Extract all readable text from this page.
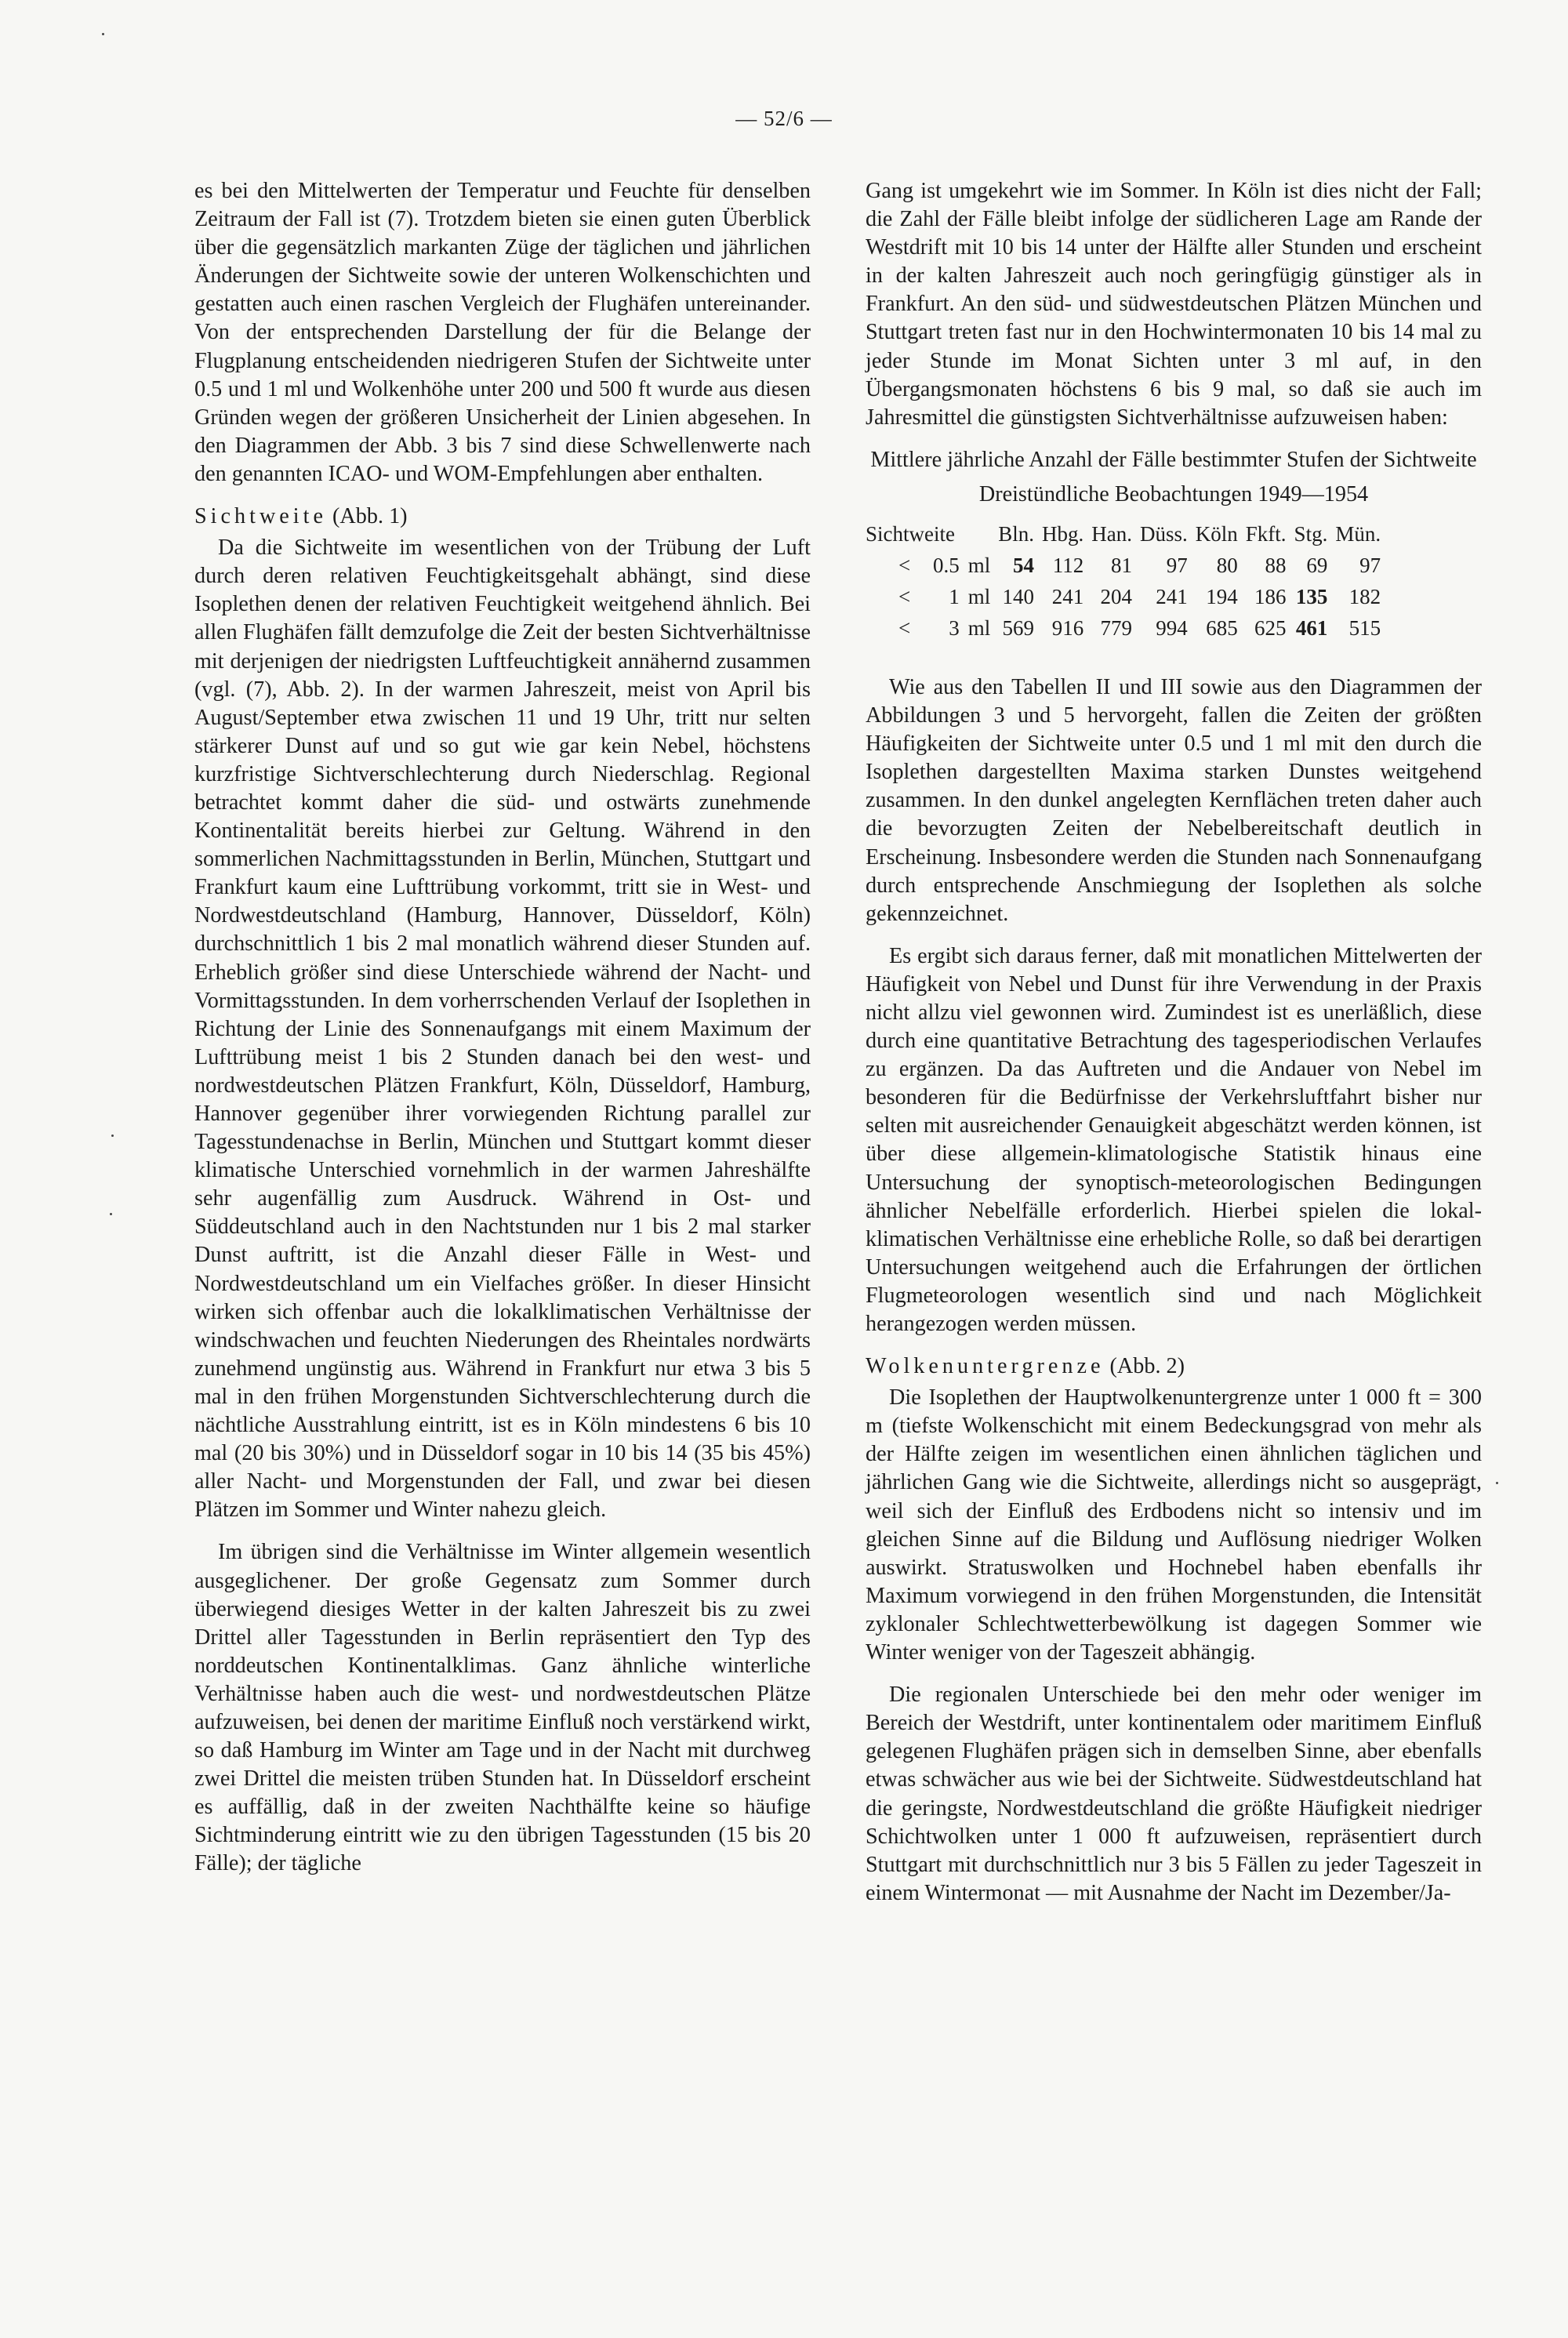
— 52/6 —

es bei den Mittelwerten der Temperatur und Feuchte für denselben Zeitraum der Fall ist (7). Trotzdem bieten sie einen guten Überblick über die gegensätzlich markanten Züge der täglichen und jährlichen Änderungen der Sichtweite sowie der unteren Wolkenschichten und gestatten auch einen raschen Vergleich der Flughäfen untereinander. Von der entsprechenden Darstellung der für die Belange der Flugplanung entscheidenden niedrigeren Stufen der Sichtweite unter 0.5 und 1 ml und Wolkenhöhe unter 200 und 500 ft wurde aus diesen Gründen wegen der größeren Unsicherheit der Linien abgesehen. In den Diagrammen der Abb. 3 bis 7 sind diese Schwellenwerte nach den genannten ICAO- und WOM-Empfehlungen aber enthalten.

Sichtweite (Abb. 1)

Da die Sichtweite im wesentlichen von der Trübung der Luft durch deren relativen Feuchtigkeitsgehalt abhängt, sind diese Isoplethen denen der relativen Feuchtigkeit weitgehend ähnlich. Bei allen Flughäfen fällt demzufolge die Zeit der besten Sichtverhältnisse mit derjenigen der niedrigsten Luftfeuchtigkeit annähernd zusammen (vgl. (7), Abb. 2). In der warmen Jahreszeit, meist von April bis August/September etwa zwischen 11 und 19 Uhr, tritt nur selten stärkerer Dunst auf und so gut wie gar kein Nebel, höchstens kurzfristige Sichtverschlechterung durch Niederschlag. Regional betrachtet kommt daher die süd- und ostwärts zunehmende Kontinentalität bereits hierbei zur Geltung. Während in den sommerlichen Nachmittagsstunden in Berlin, München, Stuttgart und Frankfurt kaum eine Lufttrübung vorkommt, tritt sie in West- und Nordwestdeutschland (Hamburg, Hannover, Düsseldorf, Köln) durchschnittlich 1 bis 2 mal monatlich während dieser Stunden auf. Erheblich größer sind diese Unterschiede während der Nacht- und Vormittagsstunden. In dem vorherrschenden Verlauf der Isoplethen in Richtung der Linie des Sonnenaufgangs mit einem Maximum der Lufttrübung meist 1 bis 2 Stunden danach bei den west- und nordwestdeutschen Plätzen Frankfurt, Köln, Düsseldorf, Hamburg, Hannover gegenüber ihrer vorwiegenden Richtung parallel zur Tagesstundenachse in Berlin, München und Stuttgart kommt dieser klimatische Unterschied vornehmlich in der warmen Jahreshälfte sehr augenfällig zum Ausdruck. Während in Ost- und Süddeutschland auch in den Nachtstunden nur 1 bis 2 mal starker Dunst auftritt, ist die Anzahl dieser Fälle in West- und Nordwestdeutschland um ein Vielfaches größer. In dieser Hinsicht wirken sich offenbar auch die lokalklimatischen Verhältnisse der windschwachen und feuchten Niederungen des Rheintales nordwärts zunehmend ungünstig aus. Während in Frankfurt nur etwa 3 bis 5 mal in den frühen Morgenstunden Sichtverschlechterung durch die nächtliche Ausstrahlung eintritt, ist es in Köln mindestens 6 bis 10 mal (20 bis 30%) und in Düsseldorf sogar in 10 bis 14 (35 bis 45%) aller Nacht- und Morgenstunden der Fall, und zwar bei diesen Plätzen im Sommer und Winter nahezu gleich.

Im übrigen sind die Verhältnisse im Winter allgemein wesentlich ausgeglichener. Der große Gegensatz zum Sommer durch überwiegend diesiges Wetter in der kalten Jahreszeit bis zu zwei Drittel aller Tagesstunden in Berlin repräsentiert den Typ des norddeutschen Kontinentalklimas. Ganz ähnliche winterliche Verhältnisse haben auch die west- und nordwestdeutschen Plätze aufzuweisen, bei denen der maritime Einfluß noch verstärkend wirkt, so daß Hamburg im Winter am Tage und in der Nacht mit durchweg zwei Drittel die meisten trüben Stunden hat. In Düsseldorf erscheint es auffällig, daß in der zweiten Nachthälfte keine so häufige Sichtminderung eintritt wie zu den übrigen Tagesstunden (15 bis 20 Fälle); der tägliche

Gang ist umgekehrt wie im Sommer. In Köln ist dies nicht der Fall; die Zahl der Fälle bleibt infolge der südlicheren Lage am Rande der Westdrift mit 10 bis 14 unter der Hälfte aller Stunden und erscheint in der kalten Jahreszeit auch noch geringfügig günstiger als in Frankfurt. An den süd- und südwestdeutschen Plätzen München und Stuttgart treten fast nur in den Hochwintermonaten 10 bis 14 mal zu jeder Stunde im Monat Sichten unter 3 ml auf, in den Übergangsmonaten höchstens 6 bis 9 mal, so daß sie auch im Jahresmittel die günstigsten Sichtverhältnisse aufzuweisen haben:

Mittlere jährliche Anzahl der Fälle bestimmter Stufen der Sichtweite
Dreistündliche Beobachtungen 1949—1954
Sichtweite			Bln.	Hbg.	Han.	Düss.	Köln	Fkft.	Stg.	Mün.
<	0.5	ml	54	112	81	97	80	88	69	97
<	1	ml	140	241	204	241	194	186	135	182
<	3	ml	569	916	779	994	685	625	461	515

Wie aus den Tabellen II und III sowie aus den Diagrammen der Abbildungen 3 und 5 hervorgeht, fallen die Zeiten der größten Häufigkeiten der Sichtweite unter 0.5 und 1 ml mit den durch die Isoplethen dargestellten Maxima starken Dunstes weitgehend zusammen. In den dunkel angelegten Kernflächen treten daher auch die bevorzugten Zeiten der Nebelbereitschaft deutlich in Erscheinung. Insbesondere werden die Stunden nach Sonnenaufgang durch entsprechende Anschmiegung der Isoplethen als solche gekennzeichnet.

Es ergibt sich daraus ferner, daß mit monatlichen Mittelwerten der Häufigkeit von Nebel und Dunst für ihre Verwendung in der Praxis nicht allzu viel gewonnen wird. Zumindest ist es unerläßlich, diese durch eine quantitative Betrachtung des tagesperiodischen Verlaufes zu ergänzen. Da das Auftreten und die Andauer von Nebel im besonderen für die Bedürfnisse der Verkehrsluftfahrt bisher nur selten mit ausreichender Genauigkeit abgeschätzt werden können, ist über diese allgemein-klimatologische Statistik hinaus eine Untersuchung der synoptisch-meteorologischen Bedingungen ähnlicher Nebelfälle erforderlich. Hierbei spielen die lokal-klimatischen Verhältnisse eine erhebliche Rolle, so daß bei derartigen Untersuchungen weitgehend auch die Erfahrungen der örtlichen Flugmeteorologen wesentlich sind und nach Möglichkeit herangezogen werden müssen.

Wolkenuntergrenze (Abb. 2)

Die Isoplethen der Hauptwolkenuntergrenze unter 1 000 ft = 300 m (tiefste Wolkenschicht mit einem Bedeckungsgrad von mehr als der Hälfte zeigen im wesentlichen einen ähnlichen täglichen und jährlichen Gang wie die Sichtweite, allerdings nicht so ausgeprägt, weil sich der Einfluß des Erdbodens nicht so intensiv und im gleichen Sinne auf die Bildung und Auflösung niedriger Wolken auswirkt. Stratuswolken und Hochnebel haben ebenfalls ihr Maximum vorwiegend in den frühen Morgenstunden, die Intensität zyklonaler Schlechtwetterbewölkung ist dagegen Sommer wie Winter weniger von der Tageszeit abhängig.

Die regionalen Unterschiede bei den mehr oder weniger im Bereich der Westdrift, unter kontinentalem oder maritimem Einfluß gelegenen Flughäfen prägen sich in demselben Sinne, aber ebenfalls etwas schwächer aus wie bei der Sichtweite. Südwestdeutschland hat die geringste, Nordwestdeutschland die größte Häufigkeit niedriger Schichtwolken unter 1 000 ft aufzuweisen, repräsentiert durch Stuttgart mit durchschnittlich nur 3 bis 5 Fällen zu jeder Tageszeit in einem Wintermonat — mit Ausnahme der Nacht im Dezember/Ja-
